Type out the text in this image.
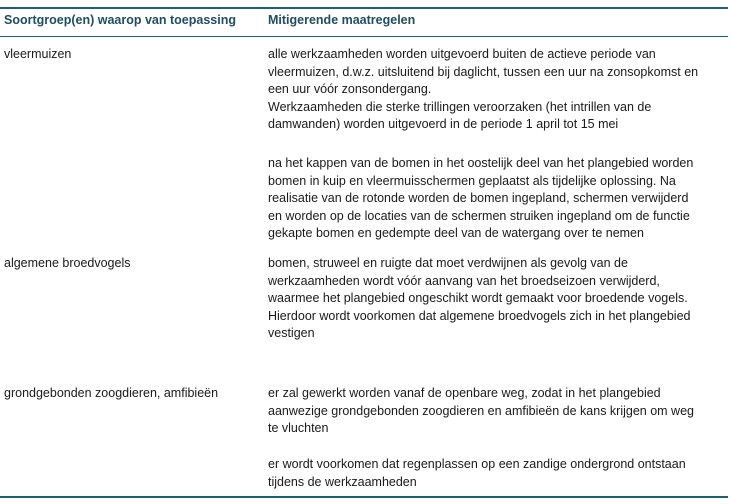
Soortgroep(en) waarop van toepassing	Mitigerende maatregelen
vleermuizen	alle werkzaamheden worden uitgevoerd buiten de actieve periode van
vleermuizen, d.w.z. uitsluitend bij daglicht, tussen een uur na zonsopkomst en
een uur vóór zonsondergang.
Werkzaamheden die sterke trillingen veroorzaken (het intrillen van de
damwanden) worden uitgevoerd in de periode 1 april tot 15 mei
na het kappen van de bomen in het oostelijk deel van het plangebied worden
bomen in kuip en vleermuisschermen geplaatst als tijdelijke oplossing. Na
realisatie van de rotonde worden de bomen ingepland, schermen verwijderd
en worden op de locaties van de schermen struiken ingepland om de functie
gekapte bomen en gedempte deel van de watergang over te nemen
algemene broedvogels	bomen, struweel en ruigte dat moet verdwijnen als gevolg van de
werkzaamheden wordt vóór aanvang van het broedseizoen verwijderd,
waarmee het plangebied ongeschikt wordt gemaakt voor broedende vogels.
Hierdoor wordt voorkomen dat algemene broedvogels zich in het plangebied
vestigen
grondgebonden zoogdieren, amfibieën	er zal gewerkt worden vanaf de openbare weg, zodat in het plangebied
aanwezige grondgebonden zoogdieren en amfibieën de kans krijgen om weg
te vluchten
er wordt voorkomen dat regenplassen op een zandige ondergrond ontstaan
tijdens de werkzaamheden
